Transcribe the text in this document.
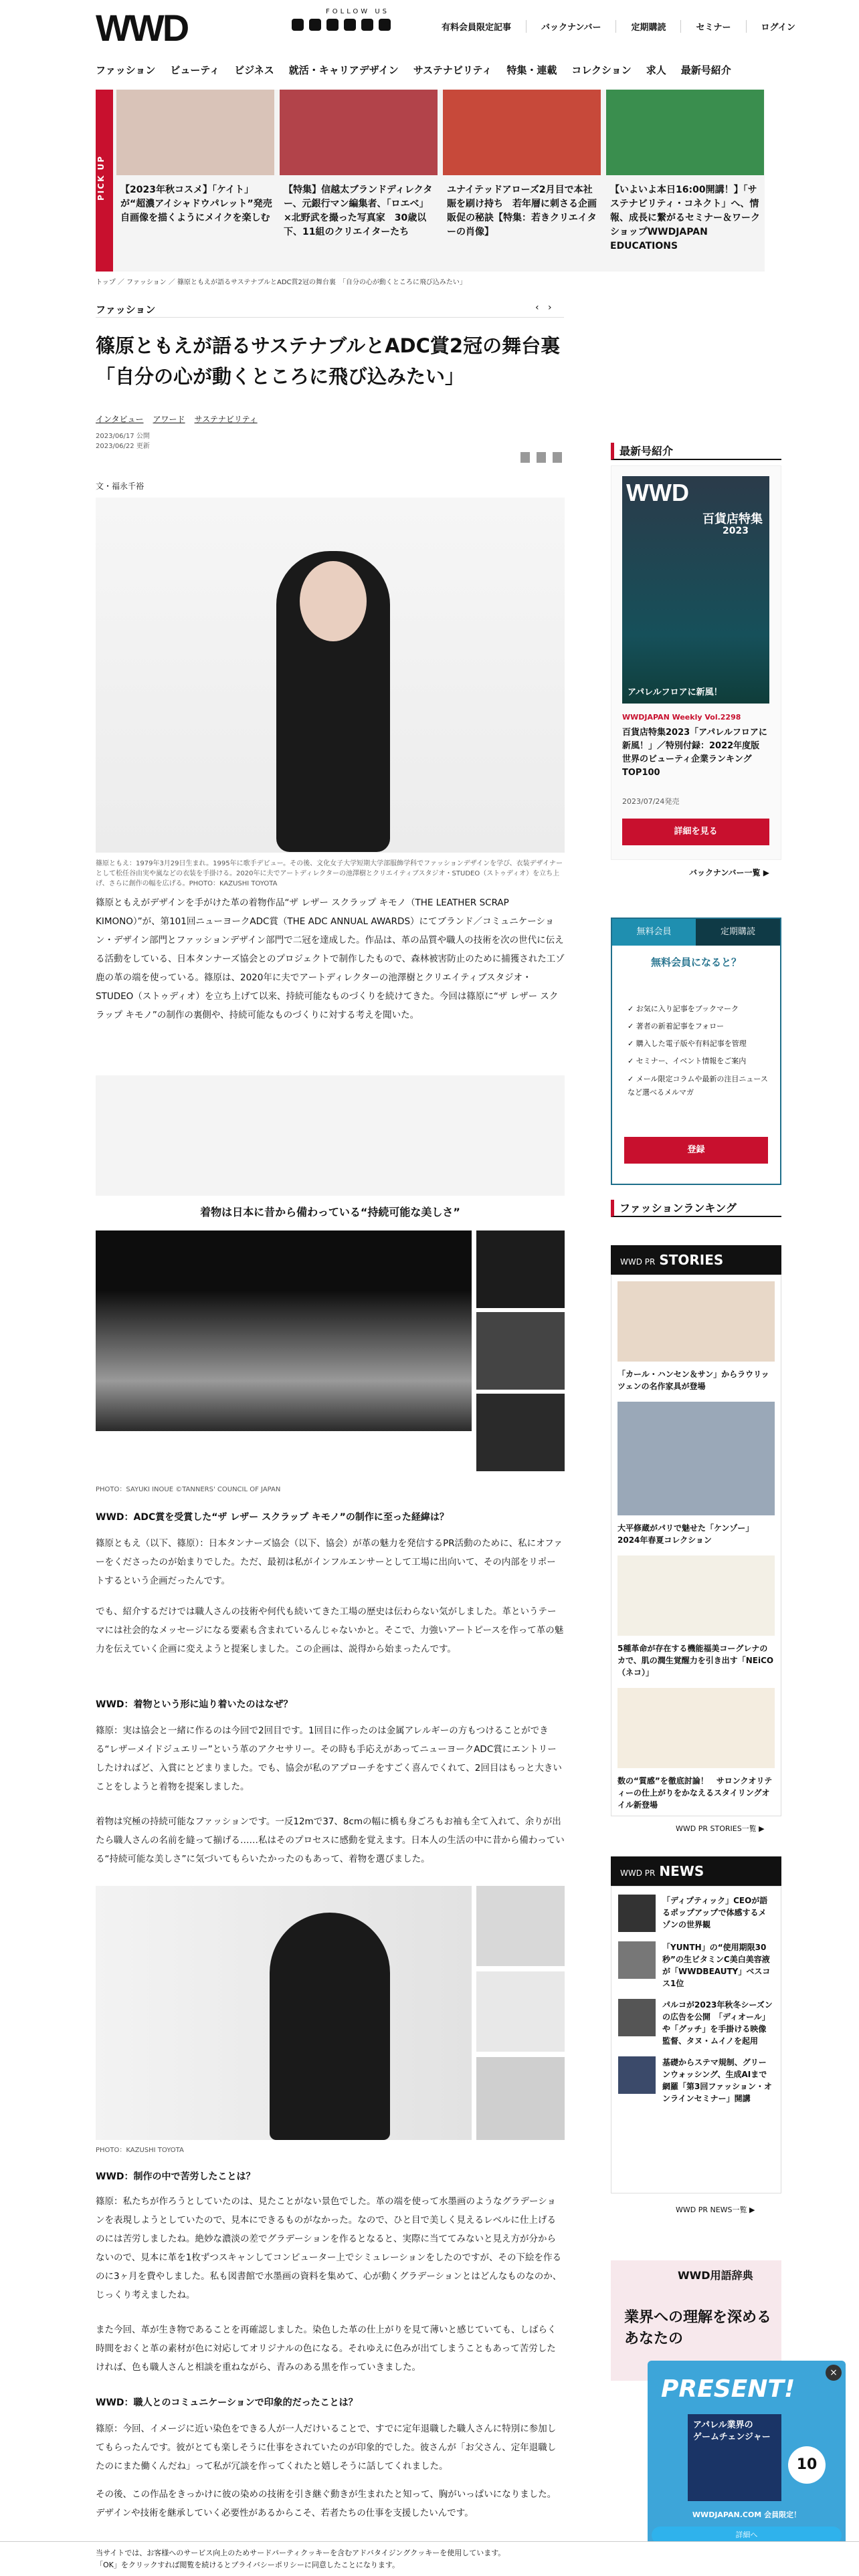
WWD	FOLLOW US
有料会員限定記事	バックナンバー	定期購読	セミナー	ログイン
ファッション ビューティ ビジネス 就活・キャリアデザイン サステナビリティ 特集・連載 コレクション 求人 最新号紹介
PICK UP	【2023年秋コスメ】「ケイト」が“超濃アイシャドウパレット”発売　自画像を描くようにメイクを楽しむ
【特集】信越太ブランドディレクター、元銀行マン編集者、「ロエベ」×北野武を撮った写真家　30歳以下、11組のクリエイターたち
ユナイテッドアローズ2月目で本社賑を刷け持ち　若年層に刺さる企画販促の秘訣【特集：若きクリエイターの肖像】
【いよいよ本日16:00開講！】「サステナビリティ・コネクト」へ、情報、成長に繋がるセミナー＆ワークショップWWDJAPAN EDUCATIONS
トップ ／ ファッション ／ 篠原ともえが語るサステナブルとADC賞2冠の舞台裏　「自分の心が動くところに飛び込みたい」
ファッション	‹   ›
篠原ともえが語るサステナブルとADC賞2冠の舞台裏　「自分の心が動くところに飛び込みたい」
インタビュー アワード サステナビリティ
2023/06/17 公開
2023/06/22 更新
文・福永千裕
篠原ともえ：1979年3月29日生まれ。1995年に歌手デビュー。その後、文化女子大学短期大学部服飾学科でファッションデザインを学び、衣装デザイナーとして松任谷由実や嵐などの衣装を手掛ける。2020年に夫でアートディレクターの池澤樹とクリエイティブスタジオ・STUDEO（ストゥディオ）を立ち上げ、さらに創作の幅を広げる。PHOTO：KAZUSHI TOYOTA
篠原ともえがデザインを手がけた革の着物作品“ザ レザー スクラップ キモノ（THE LEATHER SCRAP KIMONO）”が、第101回ニューヨークADC賞（THE ADC ANNUAL AWARDS）にてブランド／コミュニケーション・デザイン部門とファッションデザイン部門で二冠を達成した。作品は、革の品質や職人の技術を次の世代に伝える活動をしている、日本タンナーズ協会とのプロジェクトで制作したもので、森林被害防止のために捕獲された工ゾ鹿の革の端を使っている。篠原は、2020年に夫でアートディレクターの池澤樹とクリエイティブスタジオ・STUDEO（ストゥディオ）を立ち上げて以来、持続可能なものづくりを続けてきた。今回は篠原に“ザ レザー スクラップ キモノ”の制作の裏側や、持続可能なものづくりに対する考えを聞いた。
着物は日本に昔から備わっている“持続可能な美しさ”
PHOTO：SAYUKI INOUE ©TANNERS' COUNCIL OF JAPAN
WWD：ADC賞を受賞した“ザ レザー スクラップ キモノ”の制作に至った経緯は？
篠原ともえ（以下、篠原）：日本タンナーズ協会（以下、協会）が革の魅力を発信するPR活動のために、私にオファーをくださったのが始まりでした。ただ、最初は私がインフルエンサーとして工場に出向いて、その内部をリポートするという企画だったんです。
でも、紹介するだけでは職人さんの技術や何代も続いてきた工場の歴史は伝わらない気がしました。革というテーマには社会的なメッセージになる要素も含まれているんじゃないかと。そこで、力強いアートピースを作って革の魅力を伝えていく企画に変えようと提案しました。この企画は、説得から始まったんです。
WWD：着物という形に辿り着いたのはなぜ？
篠原：実は協会と一緒に作るのは今回で2回目です。1回目に作ったのは金属アレルギーの方もつけることができる“レザーメイドジュエリー”という革のアクセサリー。その時も手応えがあってニューヨークADC賞にエントリーしたければど、入賞にとどまりました。でも、協会が私のアプローチをすごく喜んでくれて、2回目はもっと大きいことをしようと着物を提案しました。
着物は究極の持続可能なファッションです。一反12mで37、8cmの幅に橋も身ごろもお袖も全て入れて、余りが出たら職人さんの名前を縫って揃げる……私はそのプロセスに感動を覚えます。日本人の生活の中に昔から備わっている“持続可能な美しさ”に気づいてもらいたかったのもあって、着物を選びました。
PHOTO：KAZUSHI TOYOTA
WWD：制作の中で苦労したことは？
篠原：私たちが作ろうとしていたのは、見たことがない景色でした。革の端を使って水墨画のようなグラデーションを表現しようとしていたので、見本にできるものがなかった。なので、ひと目で美しく見えるレベルに仕上げるのには苦労しましたね。絶妙な濃淡の差でグラデーションを作るとなると、実際に当ててみないと見え方が分からないので、見本に革を1枚ずつスキャンしてコンピューター上でシミュレーションをしたのですが、その下絵を作るのに3ヶ月を費やしました。私も図書館で水墨画の資料を集めて、心が動くグラデーションとはどんなものなのか、じっくり考えましたね。
また今回、革が生き物であることを再確認しました。染色した革の仕上がりを見て薄いと感じていても、しばらく時間をおくと革の素材が色に対応してオリジナルの色になる。それゆえに色みが出てしまうこともあって苦労したければ、色も職人さんと相談を重ねながら、青みのある黒を作っていきました。
WWD：職人とのコミュニケーションで印象的だったことは？
篠原：今回、イメージに近い染色をできる人が一人だけいることで、すでに定年退職した職人さんに特別に参加してもらったんです。彼がとても楽しそうに仕事をされていたのが印象的でした。彼さんが「お父さん、定年退職したのにまた働くんだね」って私が冗談を作ってくれたと嬉しそうに話してくれました。
その後、この作品をきっかけに彼の染めの技術を引き継ぐ動きが生まれたと知って、胸がいっぱいになりました。デザインや技術を継承していく必要性があるからこそ、若者たちの仕事を支援したいんです。
最新号紹介
WWD
百貨店特集
2023
アパレルフロアに新風！
WWDJAPAN Weekly Vol.2298
百貨店特集2023「アパレルフロアに新風！」／特別付録：2022年度版 世界のビューティ企業ランキングTOP100
2023/07/24発売
詳細を見る
バックナンバー一覧 ▶
無料会員	定期購読
無料会員になると？
✓ お気に入り記事をブックマーク
✓ 著者の新着記事をフォロー
✓ 購入した電子版や有料記事を管理
✓ セミナー、イベント情報をご案内
✓ メール限定コラムや最新の注目ニュースなど選べるメルマガ
登録
ファッションランキング
WWD PR STORIES
「カール・ハンセン＆サン」からラウリッツェンの名作家具が登場
大平修蔵がパリで魅せた「ケンゾー」2024年春夏コレクション
5種革命が存在する機能福美コーグレナのカで、肌の潤生覚醒力を引き出す「NEiCO（ネコ）」
数の“質感”を徹底討論！　サロンクオリティーの仕上がりをかなえるスタイリングオイル新登場
WWD PR STORIES一覧 ▶
WWD PR NEWS
「ディプティック」CEOが語るポップアップで体感するメゾンの世界観
「YUNTH」の“使用期限30秒”の生ビタミンC美白美容液が「WWDBEAUTY」ベスコス1位
パルコが2023年秋冬シーズンの広告を公開　「ディオール」や「グッチ」を手掛ける映像監督、タヌ・ムイノを起用
基礎からステマ規制、グリーンウォッシング、生成AIまで網羅「第3回ファッション・オンラインセミナー」開講
WWD PR NEWS一覧 ▶
WWD用語辞典
業界への理解を深めるあなたの
×
PRESENT!
アパレル業界の
ゲームチェンジャー
10
WWDJAPAN.COM 会員限定！
詳細へ
当サイトでは、お客様へのサービス向上のためサードパーティクッキーを含むアドバタイジングクッキーを使用しています。
「OK」をクリックすれば閲覧を続けるとプライバシーポリシーに同意したことになります。
